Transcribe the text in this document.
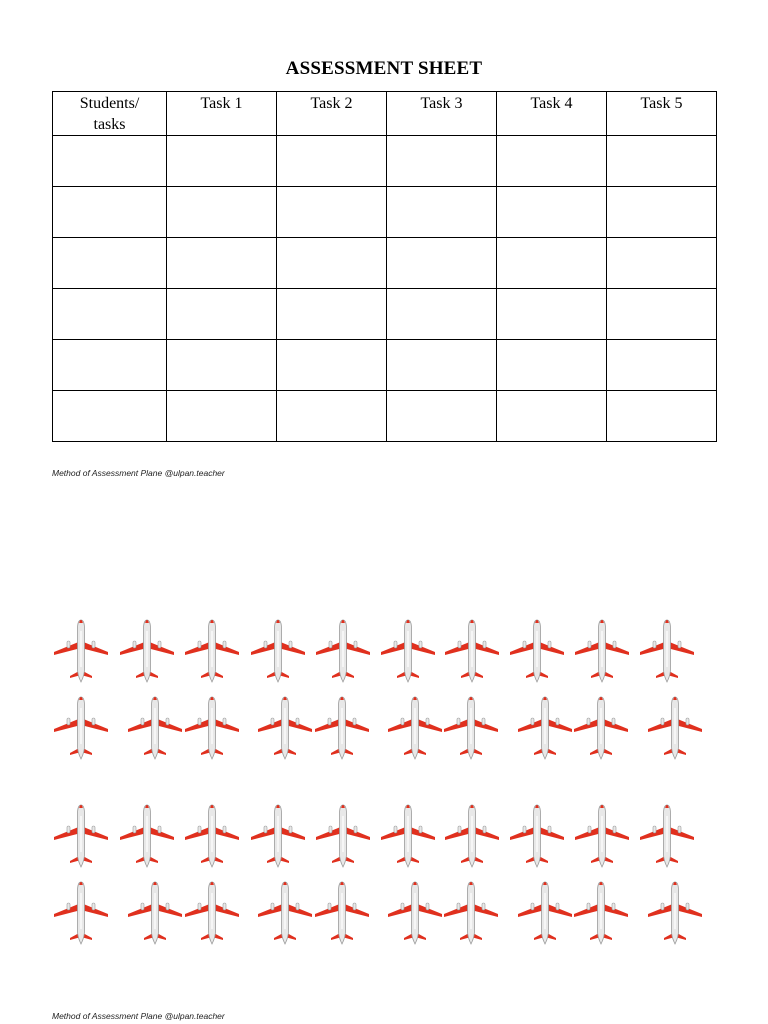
ASSESSMENT SHEET
Students/
tasks	Task 1	Task 2	Task 3	Task 4	Task 5

Method of Assessment Plane @ulpan.teacher
Method of Assessment Plane @ulpan.teacher
